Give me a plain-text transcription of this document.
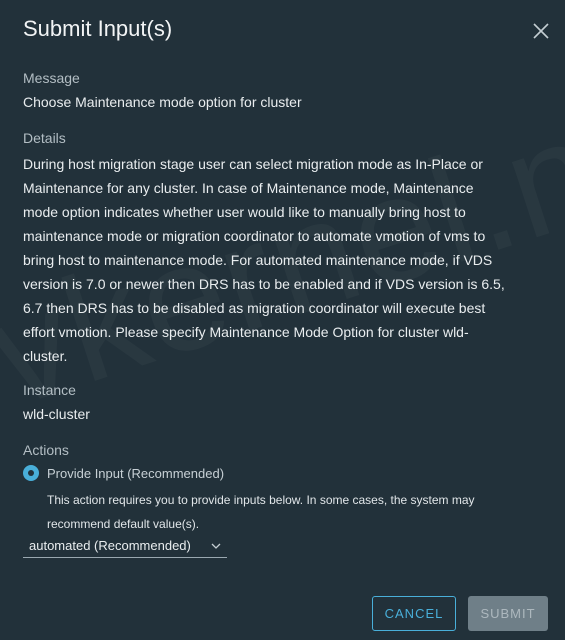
Submit Input(s)
Message
Choose Maintenance mode option for cluster
Details
During host migration stage user can select migration mode as In-Place or
Maintenance for any cluster. In case of Maintenance mode, Maintenance
mode option indicates whether user would like to manually bring host to
maintenance mode or migration coordinator to automate vmotion of vms to
bring host to maintenance mode. For automated maintenance mode, if VDS
version is 7.0 or newer then DRS has to be enabled and if VDS version is 6.5,
6.7 then DRS has to be disabled as migration coordinator will execute best
effort vmotion. Please specify Maintenance Mode Option for cluster wld-
cluster.
Instance
wld-cluster
Actions
Provide Input (Recommended)
This action requires you to provide inputs below. In some cases, the system may
recommend default value(s).
automated (Recommended)
CANCEL	SUBMIT
